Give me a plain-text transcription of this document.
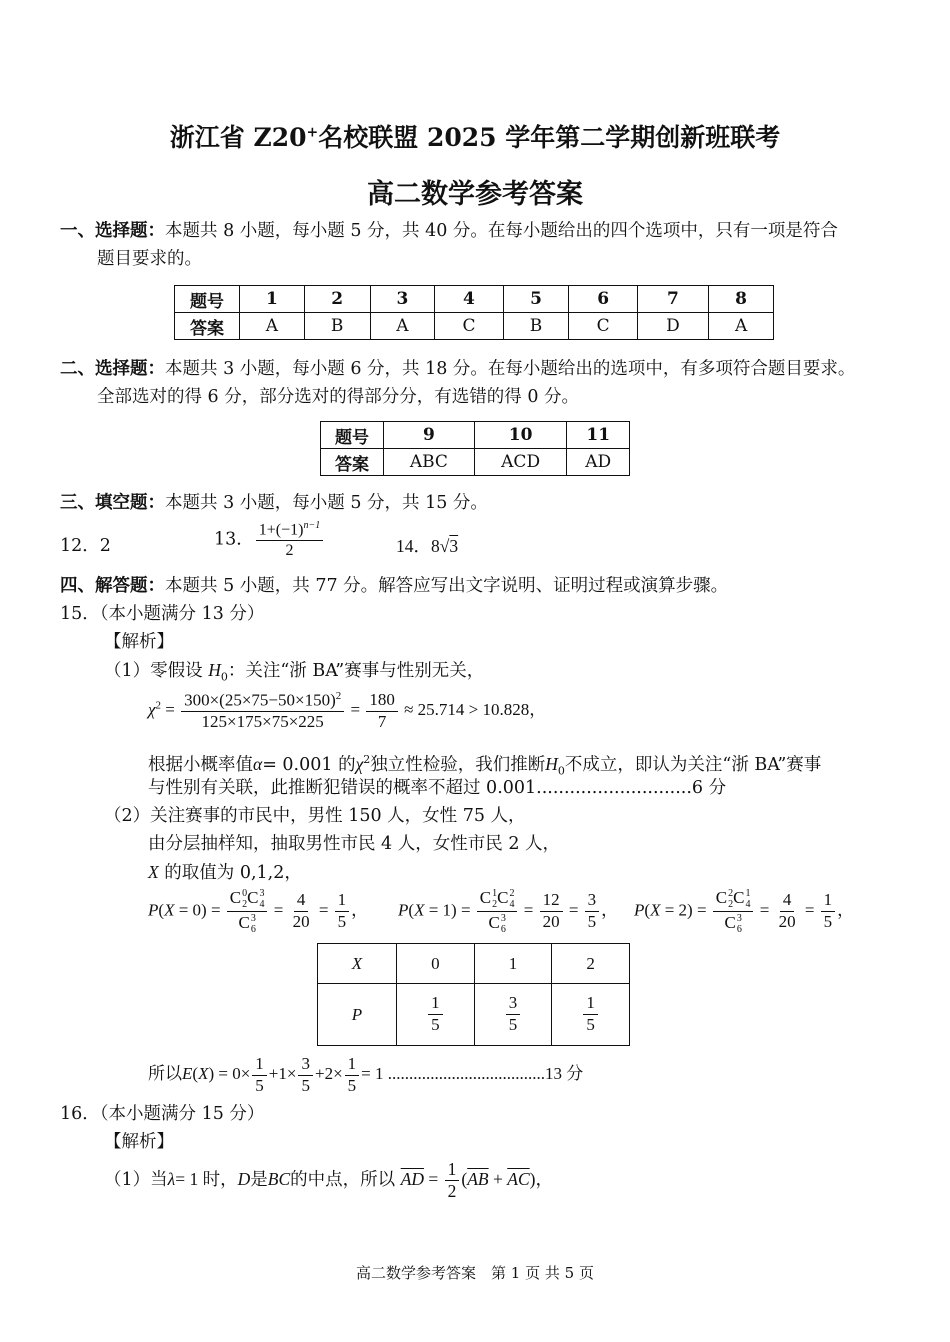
浙江省 Z20+名校联盟 2025 学年第二学期创新班联考
高二数学参考答案
一、选择题：本题共 8 小题，每小题 5 分，共 40 分。在每小题给出的四个选项中，只有一项是符合
题目要求的。
题号	1	2	3	4	5	6	7	8
答案	A	B	A	C	B	C	D	A
二、选择题：本题共 3 小题，每小题 6 分，共 18 分。在每小题给出的选项中，有多项符合题目要求。
全部选对的得 6 分，部分选对的得部分分，有选错的得 0 分。
题号	9	10	11
答案	ABC	ACD	AD
三、填空题：本题共 3 小题，每小题 5 分，共 15 分。
12．2	13． $\frac{1+(-1)^{n-1}}{2}$	14．8√3
四、解答题：本题共 5 小题，共 77 分。解答应写出文字说明、证明过程或演算步骤。
15．（本小题满分 13 分）
【解析】
（1）零假设 $H_0$：关注“浙 BA”赛事与性别无关，
$\chi^2 = \frac{300\times(25\times 75-50\times 150)^2}{125\times 175\times 75\times 225} = \frac{180}{7} \approx 25.714 > 10.828$，
根据小概率值α= 0.001 的$\chi^2$独立性检验，我们推断$H_0$不成立，即认为关注“浙 BA”赛事
与性别有关联，此推断犯错误的概率不超过 0.001............................6 分
（2）关注赛事的市民中，男性 150 人，女性 75 人，
由分层抽样知，抽取男性市民 4 人，女性市民 2 人，
X 的取值为 0,1,2，
P(X = 0) = C 0
2 C 3
4
C 3
$6 = \frac{4}{20} = \frac{1}{5}$ ， P(X = 1) = C 1
2 C 2
4
C 3
$6 = \frac{12}{20} = \frac{3}{5}$ ， P(X = 2) = C 2
2 C 1
4
C 3
$6 = \frac{4}{20} = \frac{1}{5}$ ，
X	0	1	2
P	$\frac{1}{5}$	$\frac{3}{5}$	$\frac{1}{5}$
所以$E(X) = 0\times \frac{1}{5} +1\times \frac{3}{5} +2\times \frac{1}{5} = 1$ .....................................13 分
16．（本小题满分 15 分）
【解析】
（1）当λ= 1 时，D是BC的中点，所以 $\overline{AD} = \frac{1}{2} (\overline{AB} + \overline{AC})$，
高二数学参考答案　第 1 页 共 5 页
